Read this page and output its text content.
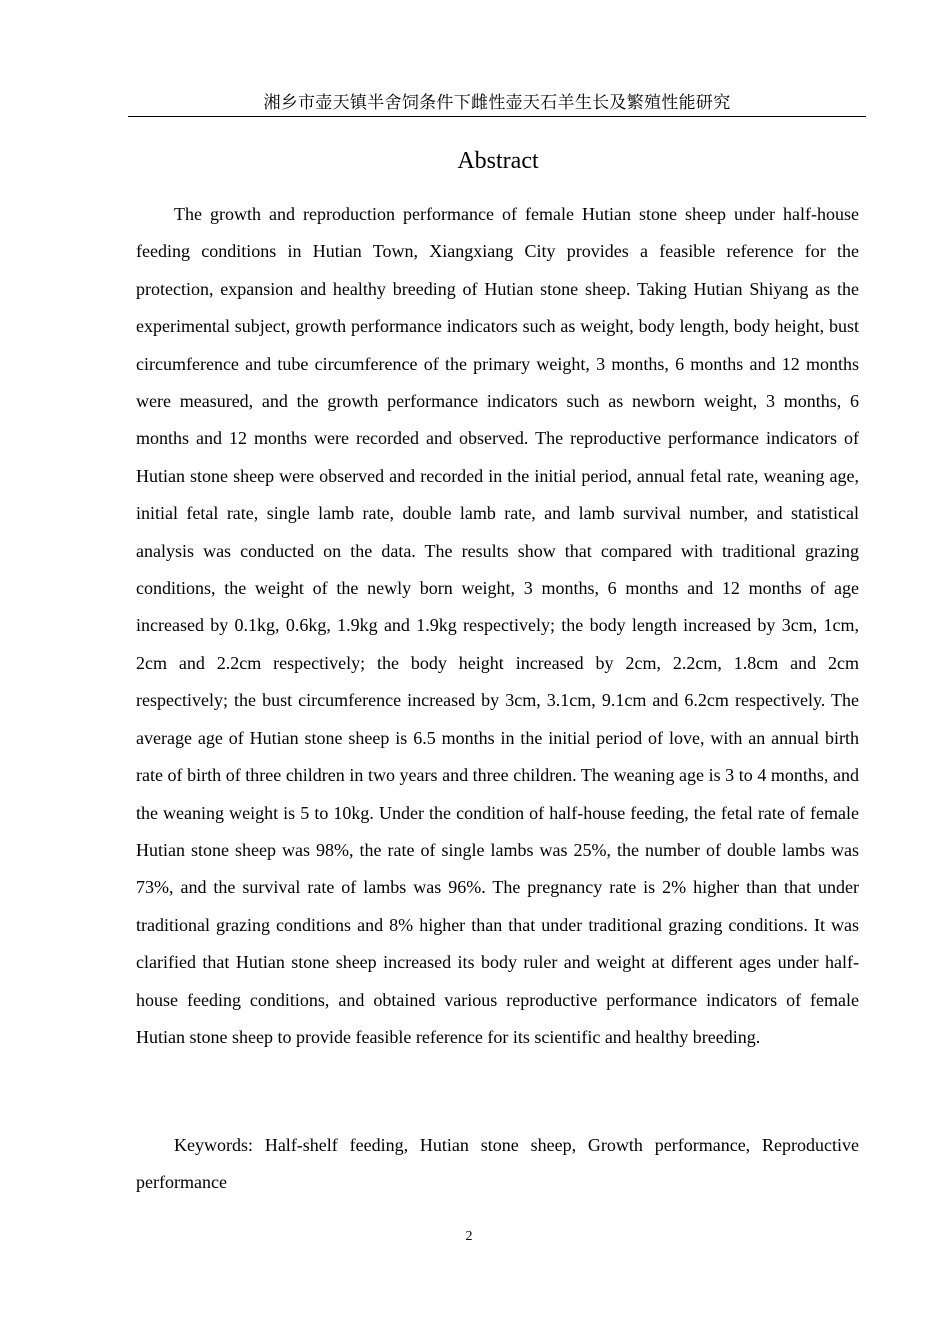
湘乡市壶天镇半舍饲条件下雌性壶天石羊生长及繁殖性能研究
Abstract

The growth and reproduction performance of female Hutian stone sheep under half-house feeding conditions in Hutian Town, Xiangxiang City provides a feasible reference for the protection, expansion and healthy breeding of Hutian stone sheep. Taking Hutian Shiyang as the experimental subject, growth performance indicators such as weight, body length, body height, bust circumference and tube circumference of the primary weight, 3 months, 6 months and 12 months were measured, and the growth performance indicators such as newborn weight, 3 months, 6 months and 12 months were recorded and observed. The reproductive performance indicators of Hutian stone sheep were observed and recorded in the initial period, annual fetal rate, weaning age, initial fetal rate, single lamb rate, double lamb rate, and lamb survival number, and statistical analysis was conducted on the data. The results show that compared with traditional grazing conditions, the weight of the newly born weight, 3 months, 6 months and 12 months of age increased by 0.1kg, 0.6kg, 1.9kg and 1.9kg respectively; the body length increased by 3cm, 1cm, 2cm and 2.2cm respectively; the body height increased by 2cm, 2.2cm, 1.8cm and 2cm respectively; the bust circumference increased by 3cm, 3.1cm, 9.1cm and 6.2cm respectively. The average age of Hutian stone sheep is 6.5 months in the initial period of love, with an annual birth rate of birth of three children in two years and three children. The weaning age is 3 to 4 months, and the weaning weight is 5 to 10kg. Under the condition of half-house feeding, the fetal rate of female Hutian stone sheep was 98%, the rate of single lambs was 25%, the number of double lambs was 73%, and the survival rate of lambs was 96%. The pregnancy rate is 2% higher than that under traditional grazing conditions and 8% higher than that under traditional grazing conditions. It was clarified that Hutian stone sheep increased its body ruler and weight at different ages under half-house feeding conditions, and obtained various reproductive performance indicators of female Hutian stone sheep to provide feasible reference for its scientific and healthy breeding.

Keywords: Half-shelf feeding, Hutian stone sheep, Growth performance, Reproductive performance

2
